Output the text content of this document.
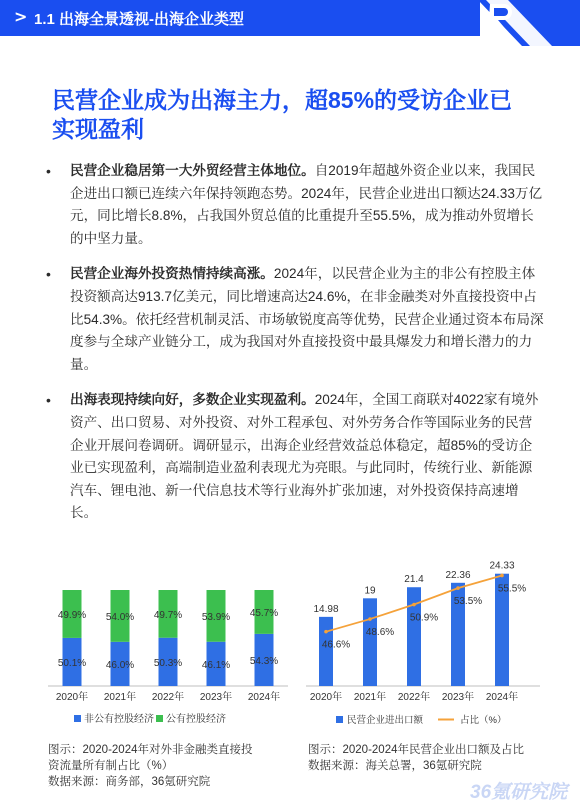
> 1.1 出海全景透视-出海企业类型
民营企业成为出海主力，超85%的受访企业已
实现盈利
• 民营企业稳居第一大外贸经营主体地位。自2019年超越外资企业以来，我国民企进出口额已连续六年保持领跑态势。2024年，民营企业进出口额达24.33万亿元，同比增长8.8%，占我国外贸总值的比重提升至55.5%，成为推动外贸增长的中坚力量。
• 民营企业海外投资热情持续高涨。2024年，以民营企业为主的非公有控股主体投资额高达913.7亿美元，同比增速高达24.6%，在非金融类对外直接投资中占比54.3%。依托经营机制灵活、市场敏锐度高等优势，民营企业通过资本布局深度参与全球产业链分工，成为我国对外直接投资中最具爆发力和增长潜力的力量。
• 出海表现持续向好，多数企业实现盈利。2024年，全国工商联对4022家有境外资产、出口贸易、对外投资、对外工程承包、对外劳务合作等国际业务的民营企业开展问卷调研。调研显示，出海企业经营效益总体稳定，超85%的受访企业已实现盈利，高端制造业盈利表现尤为亮眼。与此同时，传统行业、新能源汽车、锂电池、新一代信息技术等行业海外扩张加速，对外投资保持高速增长。
50.1%
49.9%
2020年
46.0%
54.0%
2021年
50.3%
49.7%
2022年
46.1%
53.9%
2023年
54.3%
45.7%
2024年
非公有控股经济 公有控股经济
图示：2020-2024年对外非金融类直接投
资流量所有制占比（%）
数据来源：商务部，36氪研究院
14.98
2020年
19
2021年
21.4
2022年
22.36
2023年
24.33
2024年
46.6%
48.6%
50.9%
53.5%
55.5%
民营企业进出口额	占比（%）
图示：2020-2024年民营企业出口额及占比
数据来源：海关总署，36氪研究院
36氪研究院
